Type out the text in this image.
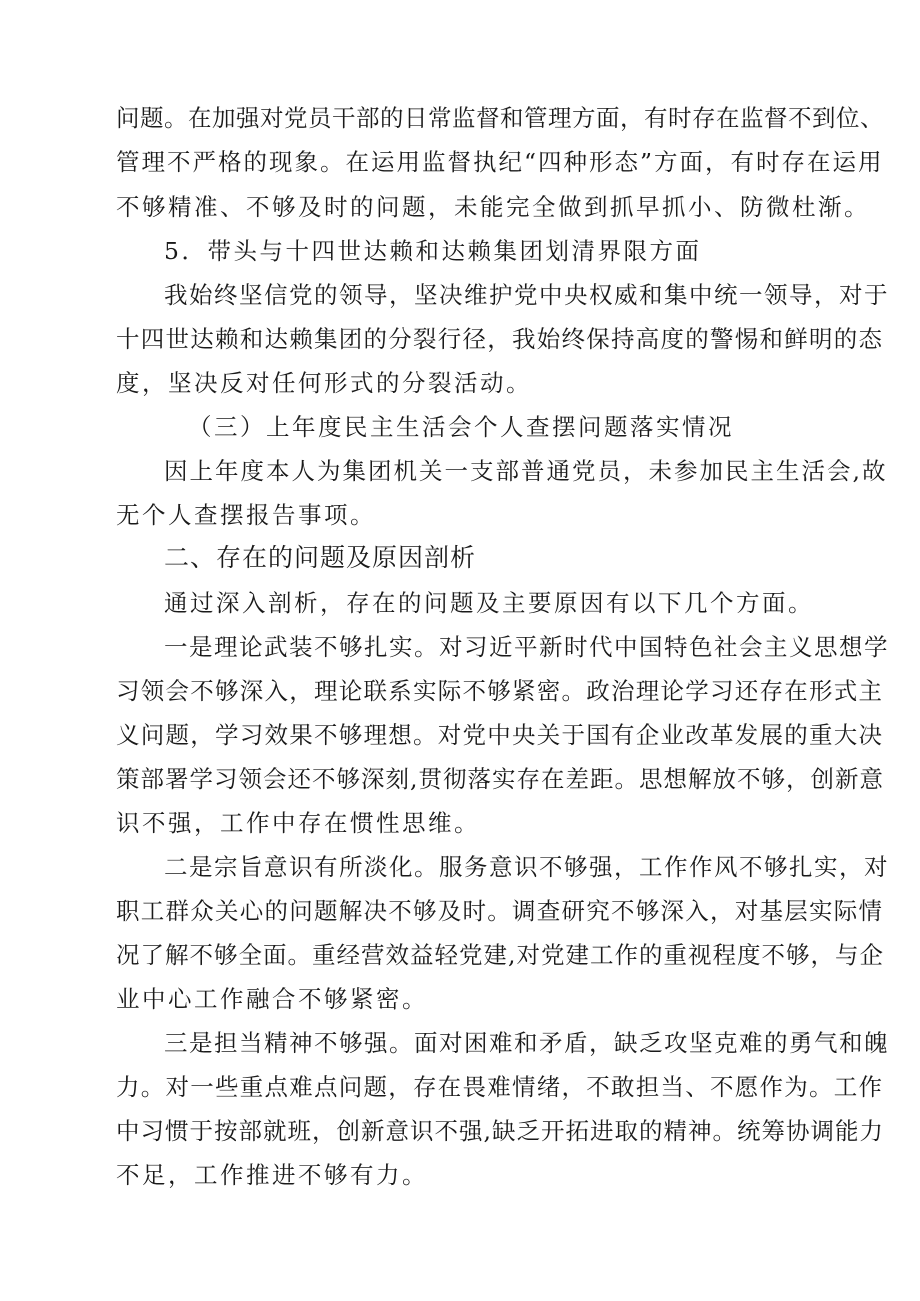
问题。在加强对党员干部的日常监督和管理方面，有时存在监督不到位、
管理不严格的现象。在运用监督执纪“四种形态”方面，有时存在运用
不够精准、不够及时的问题，未能完全做到抓早抓小、防微杜渐。
5．带头与十四世达赖和达赖集团划清界限方面
我始终坚信党的领导，坚决维护党中央权威和集中统一领导，对于
十四世达赖和达赖集团的分裂行径，我始终保持高度的警惕和鲜明的态
度，坚决反对任何形式的分裂活动。
（三）上年度民主生活会个人查摆问题落实情况
因上年度本人为集团机关一支部普通党员，未参加民主生活会,故
无个人查摆报告事项。
二、存在的问题及原因剖析
通过深入剖析，存在的问题及主要原因有以下几个方面。
一是理论武装不够扎实。对习近平新时代中国特色社会主义思想学
习领会不够深入，理论联系实际不够紧密。政治理论学习还存在形式主
义问题，学习效果不够理想。对党中央关于国有企业改革发展的重大决
策部署学习领会还不够深刻,贯彻落实存在差距。思想解放不够，创新意
识不强，工作中存在惯性思维。
二是宗旨意识有所淡化。服务意识不够强，工作作风不够扎实，对
职工群众关心的问题解决不够及时。调查研究不够深入，对基层实际情
况了解不够全面。重经营效益轻党建,对党建工作的重视程度不够，与企
业中心工作融合不够紧密。
三是担当精神不够强。面对困难和矛盾，缺乏攻坚克难的勇气和魄
力。对一些重点难点问题，存在畏难情绪，不敢担当、不愿作为。工作
中习惯于按部就班，创新意识不强,缺乏开拓进取的精神。统筹协调能力
不足，工作推进不够有力。
